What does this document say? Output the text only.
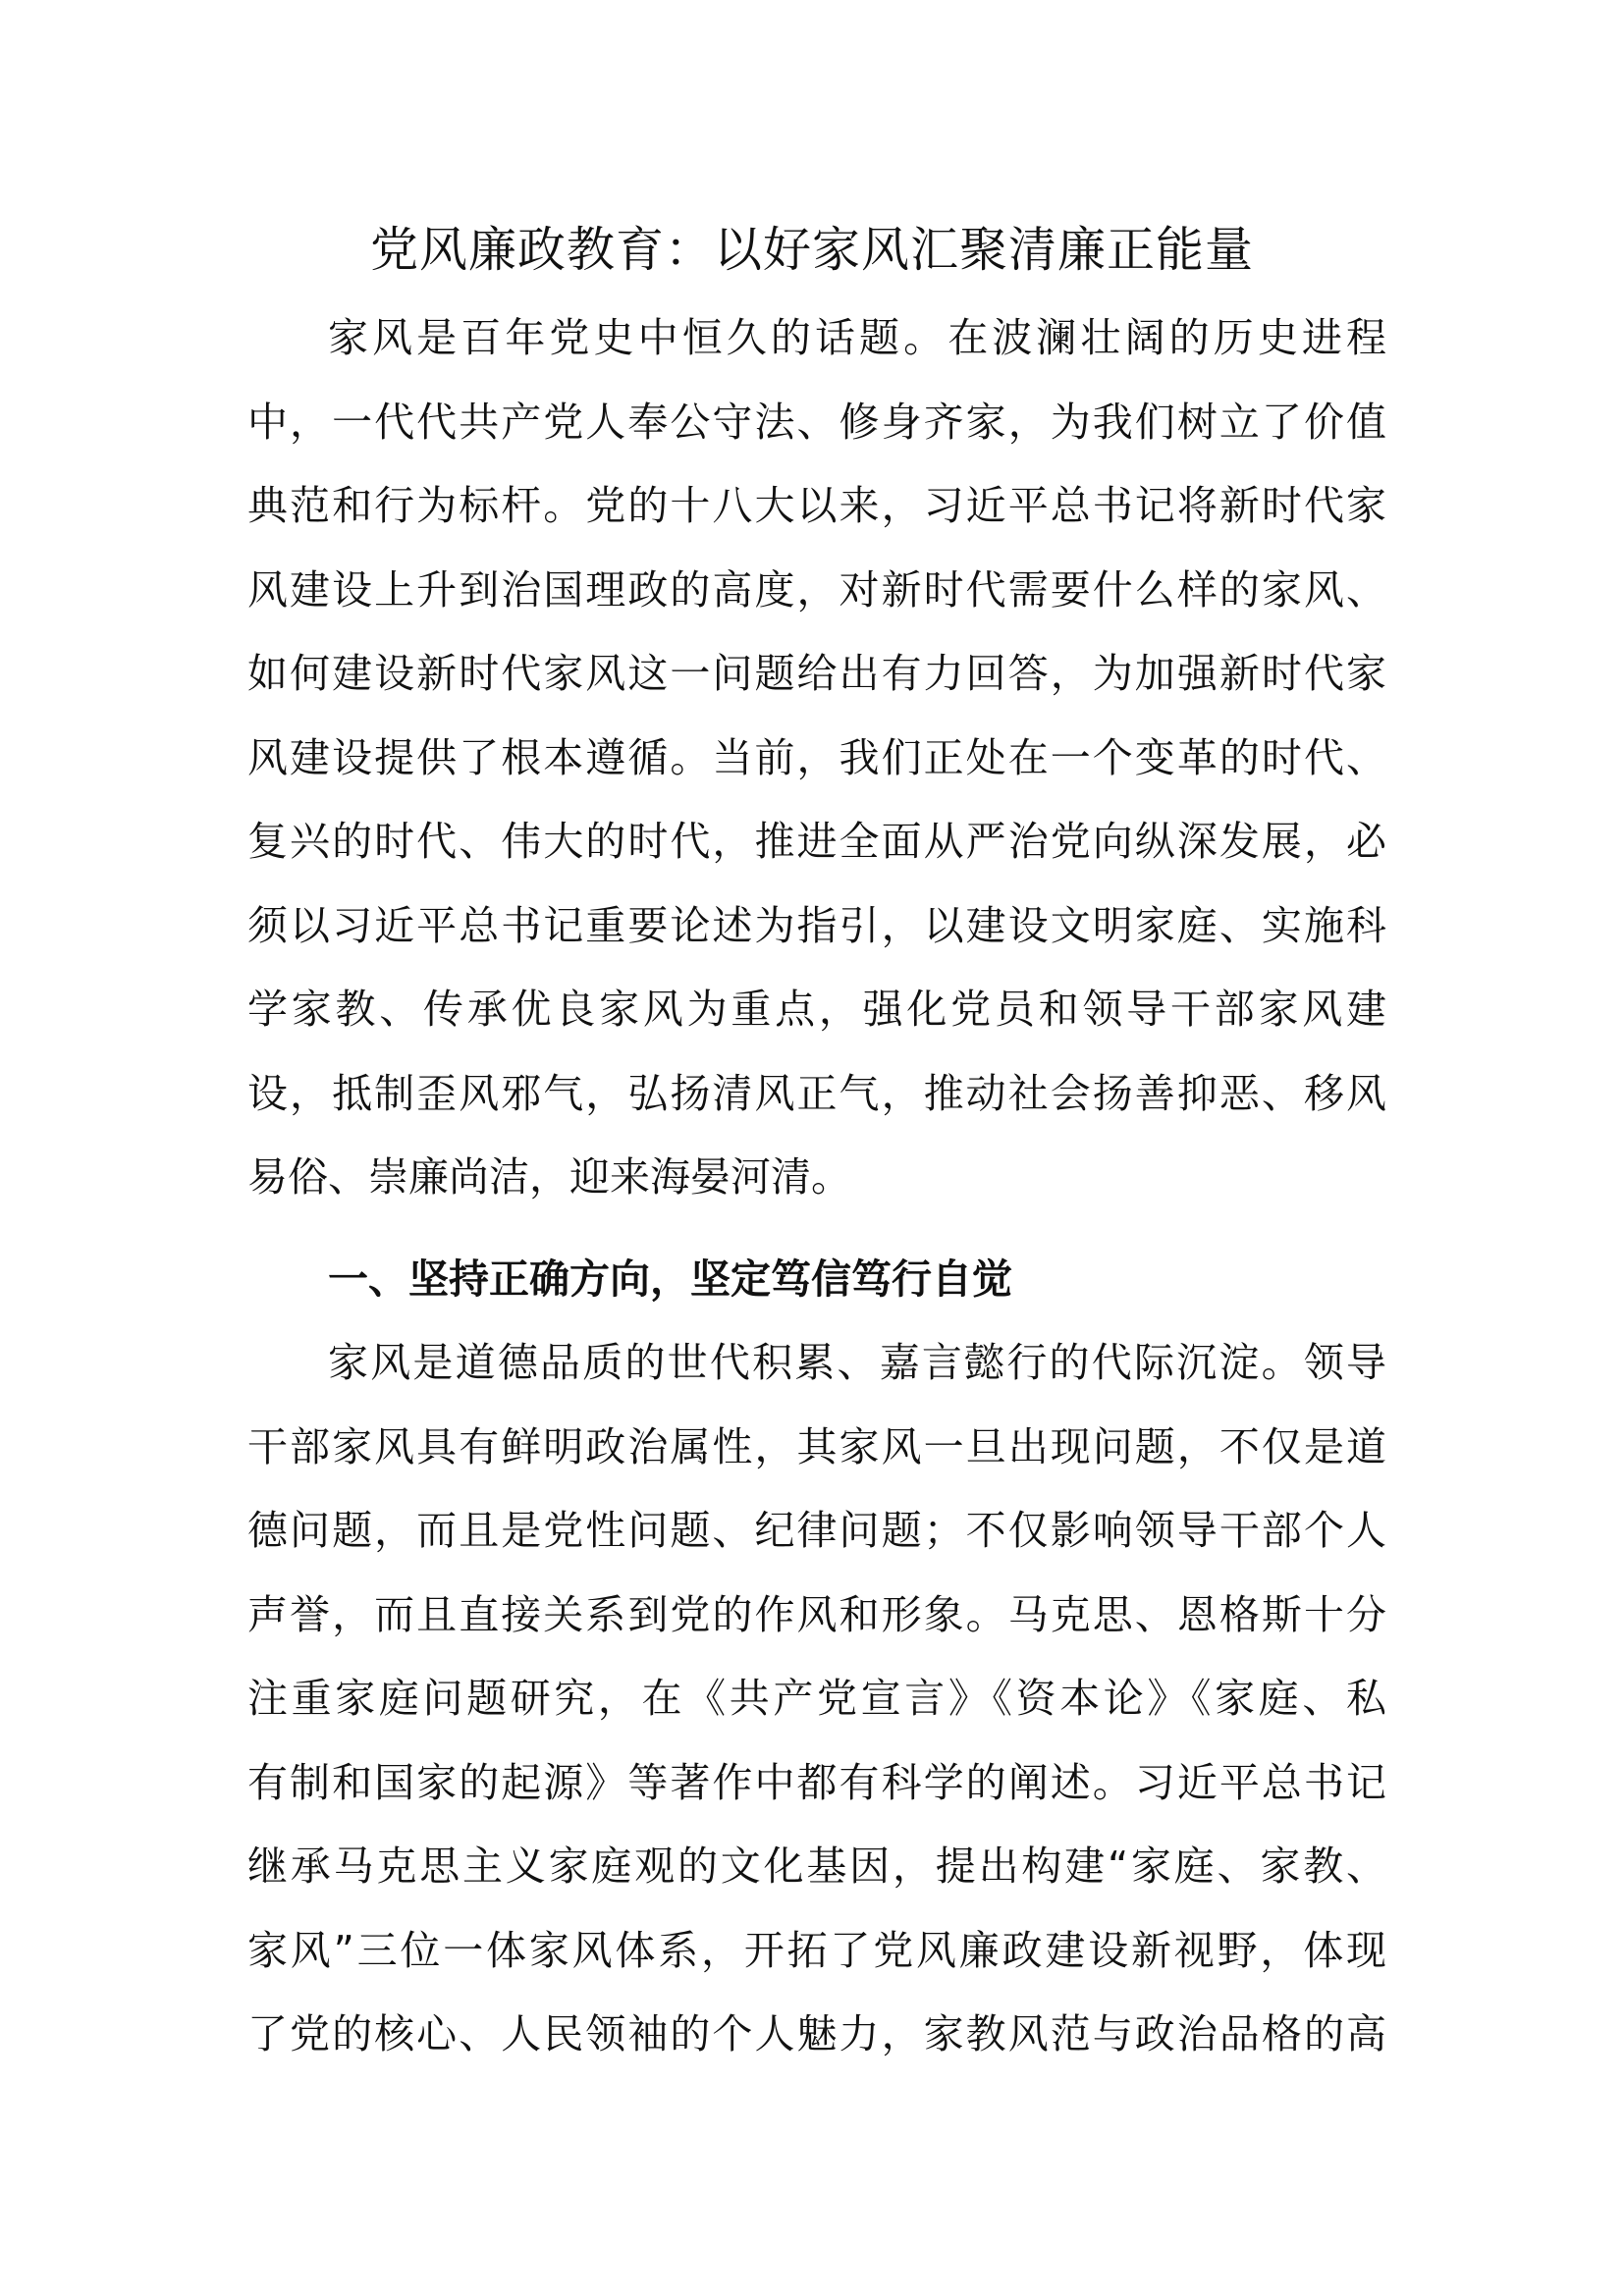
党风廉政教育：以好家风汇聚清廉正能量
家风是百年党史中恒久的话题。在波澜壮阔的历史进程
中，一代代共产党人奉公守法、修身齐家，为我们树立了价值
典范和行为标杆。党的十八大以来，习近平总书记将新时代家
风建设上升到治国理政的高度，对新时代需要什么样的家风、
如何建设新时代家风这一问题给出有力回答，为加强新时代家
风建设提供了根本遵循。当前，我们正处在一个变革的时代、
复兴的时代、伟大的时代，推进全面从严治党向纵深发展，必
须以习近平总书记重要论述为指引，以建设文明家庭、实施科
学家教、传承优良家风为重点，强化党员和领导干部家风建
设，抵制歪风邪气，弘扬清风正气，推动社会扬善抑恶、移风
易俗、崇廉尚洁，迎来海晏河清。
一、坚持正确方向，坚定笃信笃行自觉
家风是道德品质的世代积累、嘉言懿行的代际沉淀。领导
干部家风具有鲜明政治属性，其家风一旦出现问题，不仅是道
德问题，而且是党性问题、纪律问题；不仅影响领导干部个人
声誉，而且直接关系到党的作风和形象。马克思、恩格斯十分
注重家庭问题研究，在《共产党宣言》《资本论》《家庭、私
有制和国家的起源》等著作中都有科学的阐述。习近平总书记
继承马克思主义家庭观的文化基因，提出构建“家庭、家教、
家风”三位一体家风体系，开拓了党风廉政建设新视野，体现
了党的核心、人民领袖的个人魅力，家教风范与政治品格的高
